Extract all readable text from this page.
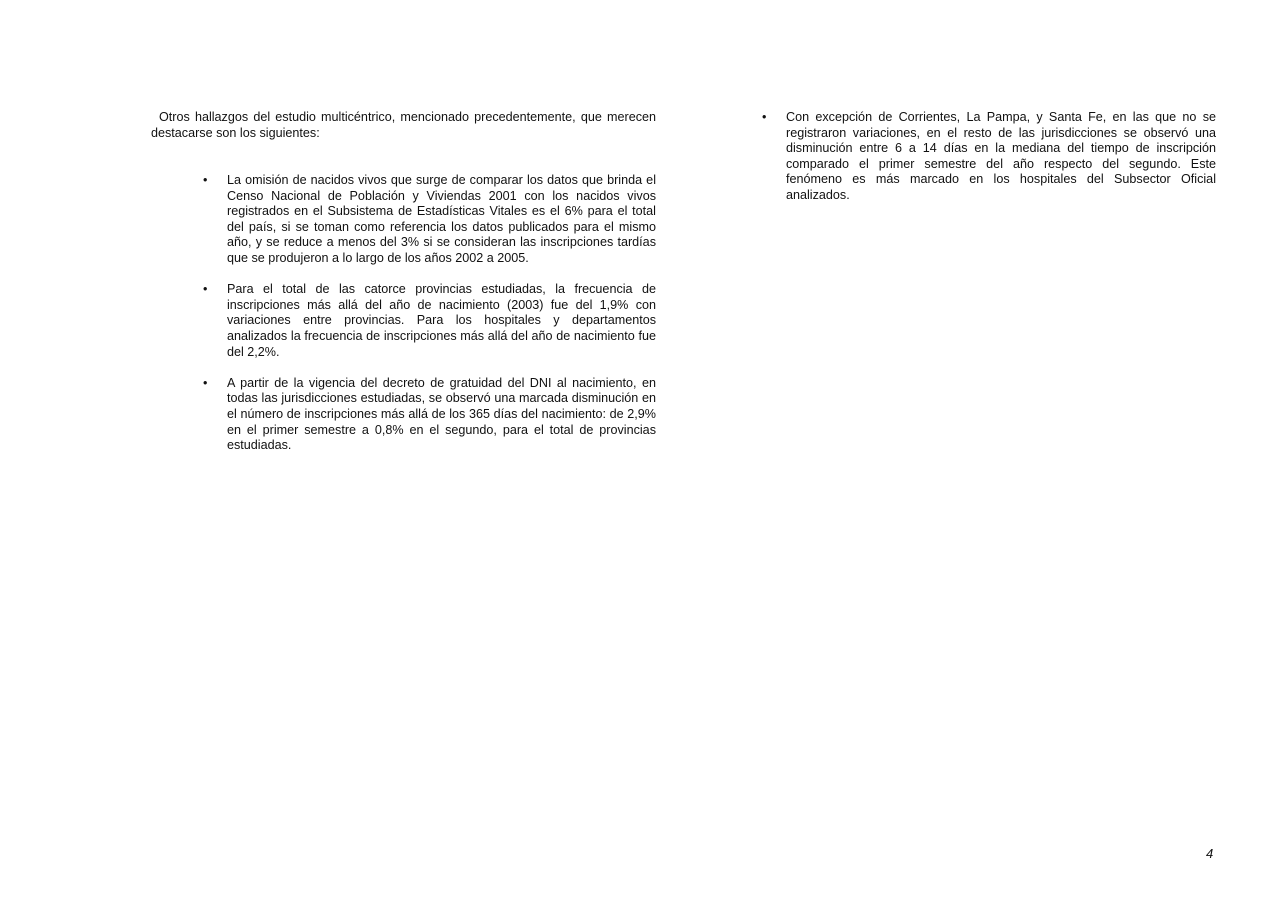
Otros hallazgos del estudio multicéntrico, mencionado precedentemente, que merecen destacarse son los siguientes:

•	La omisión de nacidos vivos que surge de comparar los datos que brinda el Censo Nacional de Población y Viviendas 2001 con los nacidos vivos registrados en el Subsistema de Estadísticas Vitales es el 6% para el total del país, si se toman como referencia los datos publicados para el mismo año, y se reduce a menos del 3% si se consideran las inscripciones tardías que se produjeron a lo largo de los años 2002 a 2005.

•	Para el total de las catorce provincias estudiadas, la frecuencia de inscripciones más allá del año de nacimiento (2003) fue del 1,9% con variaciones entre provincias. Para los hospitales y departamentos analizados la frecuencia de inscripciones más allá del año de nacimiento fue del 2,2%.

•	A partir de la vigencia del decreto de gratuidad del DNI al nacimiento, en todas las jurisdicciones estudiadas, se observó una marcada disminución en el número de inscripciones más allá de los 365 días del nacimiento: de 2,9% en el primer semestre a 0,8% en el segundo, para el total de provincias estudiadas.

•	Con excepción de Corrientes, La Pampa, y Santa Fe, en las que no se registraron variaciones, en el resto de las jurisdicciones se observó una disminución entre 6 a 14 días en la mediana del tiempo de inscripción comparado el primer semestre del año respecto del segundo. Este fenómeno es más marcado en los hospitales del Subsector Oficial analizados.

4
